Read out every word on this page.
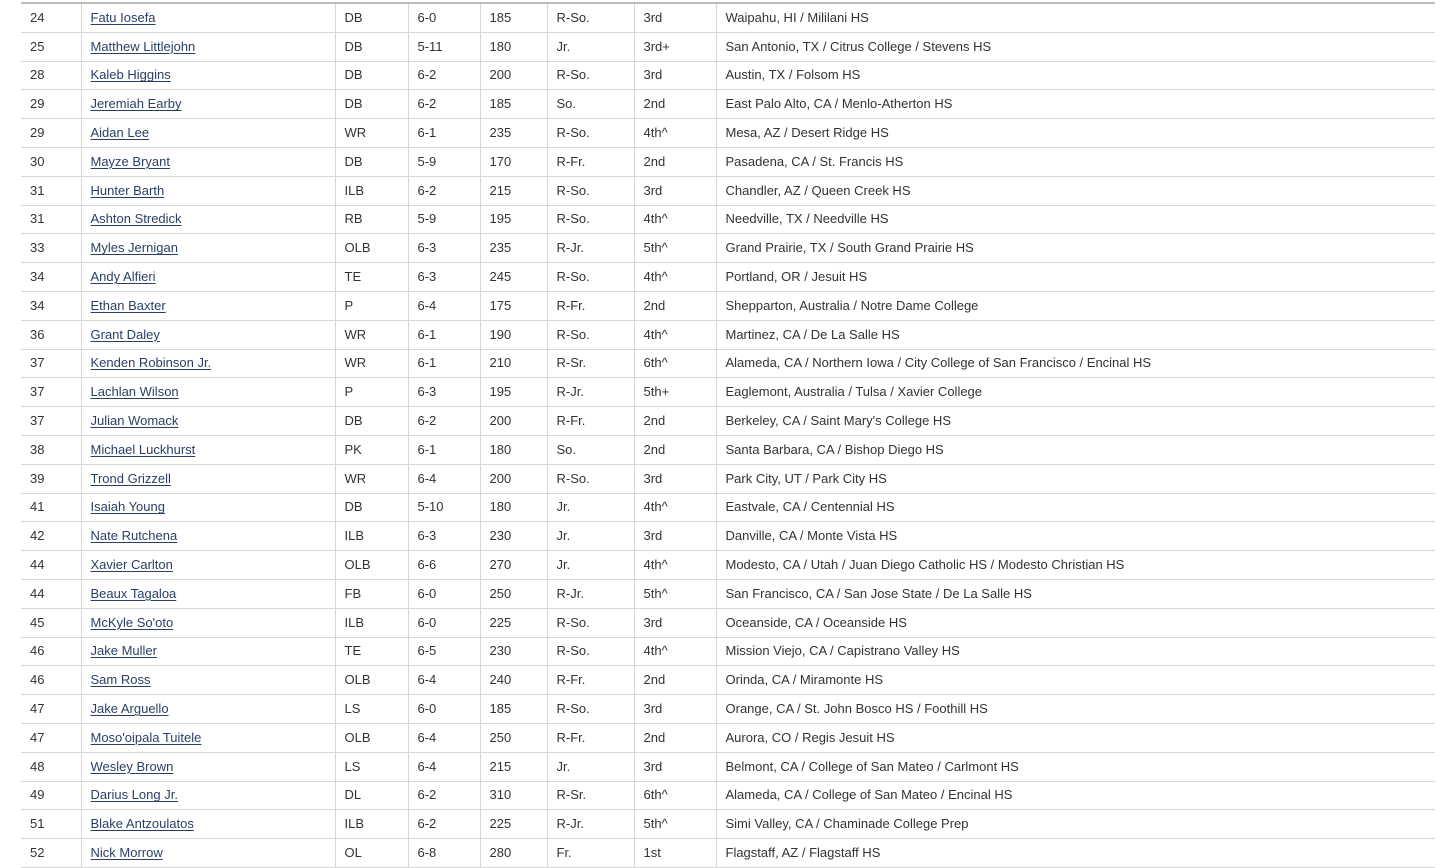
24	Fatu Iosefa	DB	6-0	185	R-So.	3rd	Waipahu, HI / Mililani HS
25	Matthew Littlejohn	DB	5-11	180	Jr.	3rd+	San Antonio, TX / Citrus College / Stevens HS
28	Kaleb Higgins	DB	6-2	200	R-So.	3rd	Austin, TX / Folsom HS
29	Jeremiah Earby	DB	6-2	185	So.	2nd	East Palo Alto, CA / Menlo-Atherton HS
29	Aidan Lee	WR	6-1	235	R-So.	4th^	Mesa, AZ / Desert Ridge HS
30	Mayze Bryant	DB	5-9	170	R-Fr.	2nd	Pasadena, CA / St. Francis HS
31	Hunter Barth	ILB	6-2	215	R-So.	3rd	Chandler, AZ / Queen Creek HS
31	Ashton Stredick	RB	5-9	195	R-So.	4th^	Needville, TX / Needville HS
33	Myles Jernigan	OLB	6-3	235	R-Jr.	5th^	Grand Prairie, TX / South Grand Prairie HS
34	Andy Alfieri	TE	6-3	245	R-So.	4th^	Portland, OR / Jesuit HS
34	Ethan Baxter	P	6-4	175	R-Fr.	2nd	Shepparton, Australia / Notre Dame College
36	Grant Daley	WR	6-1	190	R-So.	4th^	Martinez, CA / De La Salle HS
37	Kenden Robinson Jr.	WR	6-1	210	R-Sr.	6th^	Alameda, CA / Northern Iowa / City College of San Francisco / Encinal HS
37	Lachlan Wilson	P	6-3	195	R-Jr.	5th+	Eaglemont, Australia / Tulsa / Xavier College
37	Julian Womack	DB	6-2	200	R-Fr.	2nd	Berkeley, CA / Saint Mary's College HS
38	Michael Luckhurst	PK	6-1	180	So.	2nd	Santa Barbara, CA / Bishop Diego HS
39	Trond Grizzell	WR	6-4	200	R-So.	3rd	Park City, UT / Park City HS
41	Isaiah Young	DB	5-10	180	Jr.	4th^	Eastvale, CA / Centennial HS
42	Nate Rutchena	ILB	6-3	230	Jr.	3rd	Danville, CA / Monte Vista HS
44	Xavier Carlton	OLB	6-6	270	Jr.	4th^	Modesto, CA / Utah / Juan Diego Catholic HS / Modesto Christian HS
44	Beaux Tagaloa	FB	6-0	250	R-Jr.	5th^	San Francisco, CA / San Jose State / De La Salle HS
45	McKyle So'oto	ILB	6-0	225	R-So.	3rd	Oceanside, CA / Oceanside HS
46	Jake Muller	TE	6-5	230	R-So.	4th^	Mission Viejo, CA / Capistrano Valley HS
46	Sam Ross	OLB	6-4	240	R-Fr.	2nd	Orinda, CA / Miramonte HS
47	Jake Arguello	LS	6-0	185	R-So.	3rd	Orange, CA / St. John Bosco HS / Foothill HS
47	Moso'oipala Tuitele	OLB	6-4	250	R-Fr.	2nd	Aurora, CO / Regis Jesuit HS
48	Wesley Brown	LS	6-4	215	Jr.	3rd	Belmont, CA / College of San Mateo / Carlmont HS
49	Darius Long Jr.	DL	6-2	310	R-Sr.	6th^	Alameda, CA / College of San Mateo / Encinal HS
51	Blake Antzoulatos	ILB	6-2	225	R-Jr.	5th^	Simi Valley, CA / Chaminade College Prep
52	Nick Morrow	OL	6-8	280	Fr.	1st	Flagstaff, AZ / Flagstaff HS
